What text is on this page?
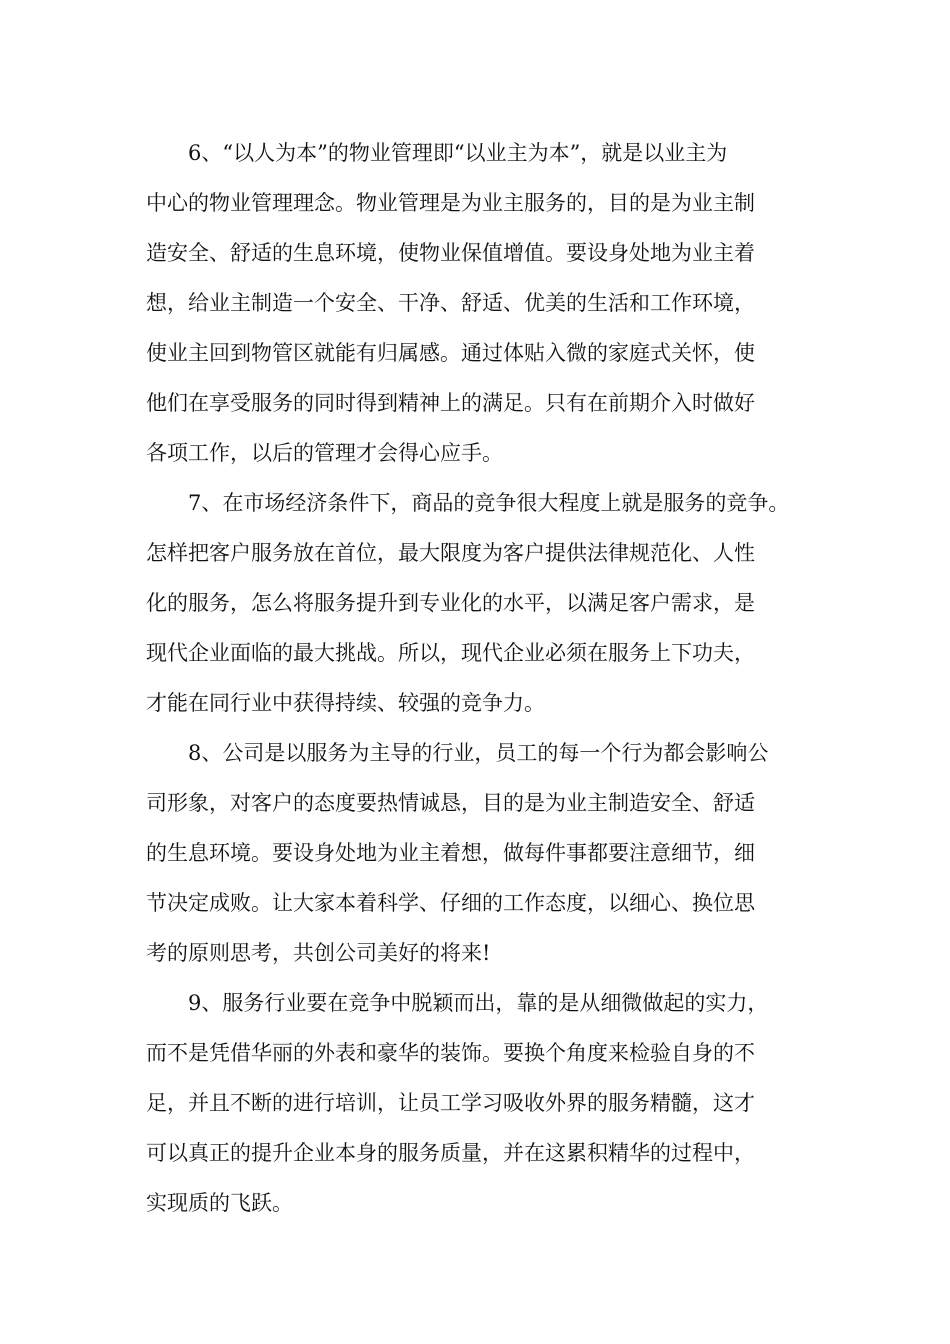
6、“以人为本”的物业管理即“以业主为本”，就是以业主为
中心的物业管理理念。物业管理是为业主服务的，目的是为业主制
造安全、舒适的生息环境，使物业保值增值。要设身处地为业主着
想，给业主制造一个安全、干净、舒适、优美的生活和工作环境，
使业主回到物管区就能有归属感。通过体贴入微的家庭式关怀，使
他们在享受服务的同时得到精神上的满足。只有在前期介入时做好
各项工作，以后的管理才会得心应手。
7、在市场经济条件下，商品的竞争很大程度上就是服务的竞争。
怎样把客户服务放在首位，最大限度为客户提供法律规范化、人性
化的服务，怎么将服务提升到专业化的水平，以满足客户需求，是
现代企业面临的最大挑战。所以，现代企业必须在服务上下功夫，
才能在同行业中获得持续、较强的竞争力。
8、公司是以服务为主导的行业，员工的每一个行为都会影响公
司形象，对客户的态度要热情诚恳，目的是为业主制造安全、舒适
的生息环境。要设身处地为业主着想，做每件事都要注意细节，细
节决定成败。让大家本着科学、仔细的工作态度，以细心、换位思
考的原则思考，共创公司美好的将来!
9、服务行业要在竞争中脱颖而出，靠的是从细微做起的实力，
而不是凭借华丽的外表和豪华的装饰。要换个角度来检验自身的不
足，并且不断的进行培训，让员工学习吸收外界的服务精髓，这才
可以真正的提升企业本身的服务质量，并在这累积精华的过程中，
实现质的飞跃。
